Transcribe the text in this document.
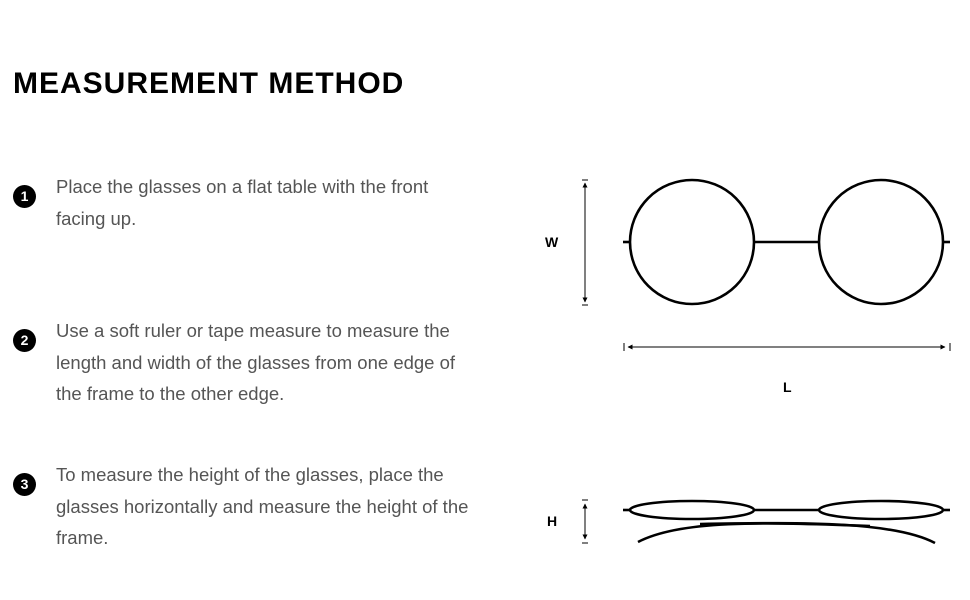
MEASUREMENT METHOD
1	Place the glasses on a flat table with the front facing up.
2	Use a soft ruler or tape measure to measure the length and width of the glasses from one edge of the frame to the other edge.
3	To measure the height of the glasses, place the glasses horizontally and measure the height of the frame.
W
L
H
